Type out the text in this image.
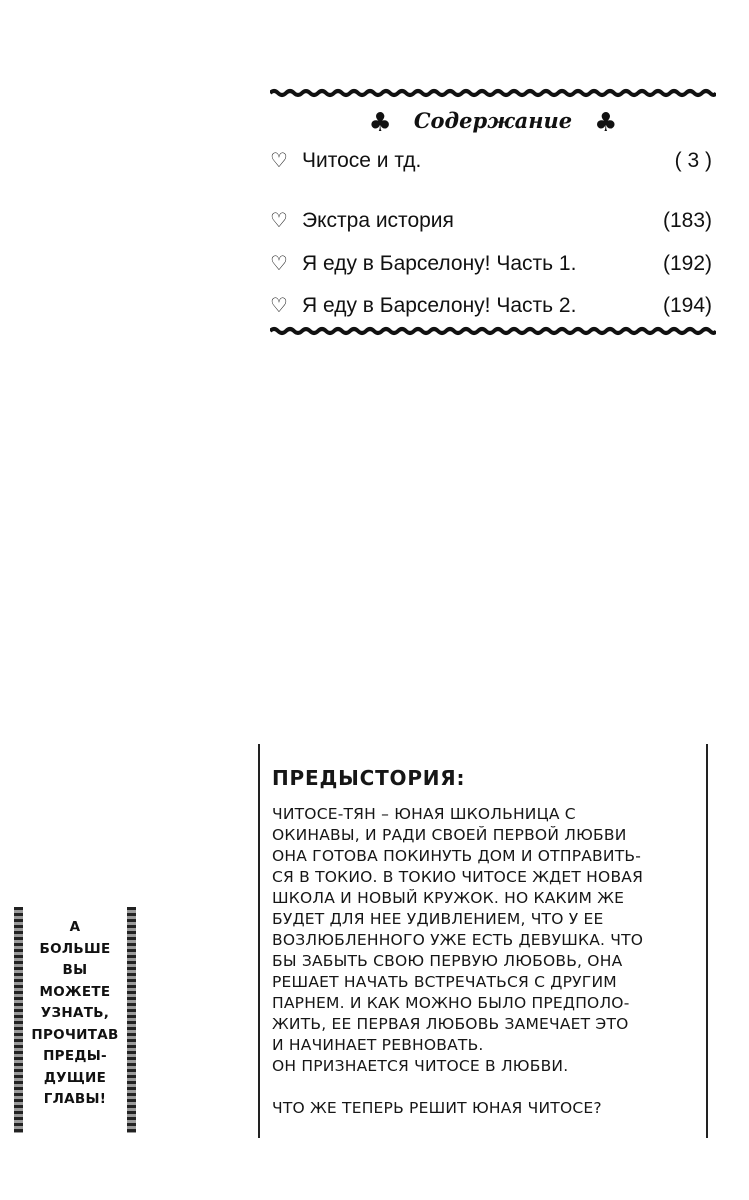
♣ Содержание ♣
♡ Читосе и тд.	( 3 )
♡ Экстра история	(183)
♡ Я еду в Барселону! Часть 1.	(192)
♡ Я еду в Барселону! Часть 2.	(194)
ПРЕДЫСТОРИЯ:
ЧИТОСЕ-ТЯН – ЮНАЯ ШКОЛЬНИЦА С
ОКИНАВЫ, И РАДИ СВОЕЙ ПЕРВОЙ ЛЮБВИ
ОНА ГОТОВА ПОКИНУТЬ ДОМ И ОТПРАВИТЬ-
СЯ В ТОКИО. В ТОКИО ЧИТОСЕ ЖДЕТ НОВАЯ
ШКОЛА И НОВЫЙ КРУЖОК. НО КАКИМ ЖЕ
БУДЕТ ДЛЯ НЕЕ УДИВЛЕНИЕМ, ЧТО У ЕЕ
ВОЗЛЮБЛЕННОГО УЖЕ ЕСТЬ ДЕВУШКА. ЧТО
БЫ ЗАБЫТЬ СВОЮ ПЕРВУЮ ЛЮБОВЬ, ОНА
РЕШАЕТ НАЧАТЬ ВСТРЕЧАТЬСЯ С ДРУГИМ
ПАРНЕМ. И КАК МОЖНО БЫЛО ПРЕДПОЛО-
ЖИТЬ, ЕЕ ПЕРВАЯ ЛЮБОВЬ ЗАМЕЧАЕТ ЭТО
И НАЧИНАЕТ РЕВНОВАТЬ.
ОН ПРИЗНАЕТСЯ ЧИТОСЕ В ЛЮБВИ.
ЧТО ЖЕ ТЕПЕРЬ РЕШИТ ЮНАЯ ЧИТОСЕ?
А
БОЛЬШЕ
ВЫ
МОЖЕТЕ
УЗНАТЬ,
ПРОЧИТАВ
ПРЕДЫ-
ДУЩИЕ
ГЛАВЫ!
